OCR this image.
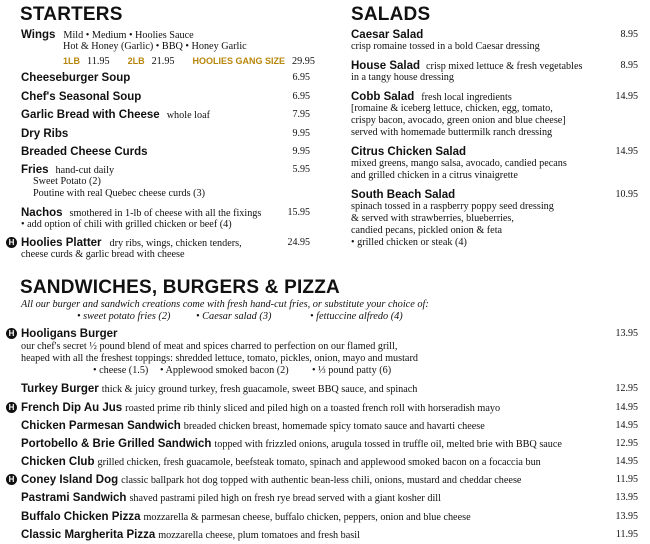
STARTERS
Wings Mild • Medium • Hoolies Sauce
Hot & Honey (Garlic) • BBQ • Honey Garlic
1LB 11.95 2LB 21.95 HOOLIES GANG SIZE 29.95
Cheeseburger Soup	6.95
Chef's Seasonal Soup	6.95
Garlic Bread with Cheese whole loaf	7.95
Dry Ribs	9.95
Breaded Cheese Curds	9.95
Fries hand-cut daily	5.95
Sweet Potato (2)
Poutine with real Quebec cheese curds (3)
Nachos smothered in 1-lb of cheese with all the fixings	15.95
• add option of chili with grilled chicken or beef (4)
H Hoolies Platter dry ribs, wings, chicken tenders,	24.95
cheese curds & garlic bread with cheese
SALADS
Caesar Salad	8.95
crisp romaine tossed in a bold Caesar dressing
House Salad crisp mixed lettuce & fresh vegetables	8.95
in a tangy house dressing
Cobb Salad fresh local ingredients	14.95
[romaine & iceberg lettuce, chicken, egg, tomato,
crispy bacon, avocado, green onion and blue cheese]
served with homemade buttermilk ranch dressing
Citrus Chicken Salad	14.95
mixed greens, mango salsa, avocado, candied pecans
and grilled chicken in a citrus vinaigrette
South Beach Salad	10.95
spinach tossed in a raspberry poppy seed dressing
& served with strawberries, blueberries,
candied pecans, pickled onion & feta
• grilled chicken or steak (4)
SANDWICHES, BURGERS & PIZZA
All our burger and sandwich creations come with fresh hand-cut fries, or substitute your choice of:
• sweet potato fries (2) • Caesar salad (3)	• fettuccine alfredo (4)
H Hooligans Burger	13.95
our chef's secret ½ pound blend of meat and spices charred to perfection on our flamed grill,
heaped with all the freshest toppings: shredded lettuce, tomato, pickles, onion, mayo and mustard
• cheese (1.5) • Applewood smoked bacon (2) • ⅓ pound patty (6)
Turkey Burger thick & juicy ground turkey, fresh guacamole, sweet BBQ sauce, and spinach	12.95
H French Dip Au Jus roasted prime rib thinly sliced and piled high on a toasted french roll with horseradish mayo	14.95
Chicken Parmesan Sandwich breaded chicken breast, homemade spicy tomato sauce and havarti cheese	14.95
Portobello & Brie Grilled Sandwich topped with frizzled onions, arugula tossed in truffle oil, melted brie with BBQ sauce	12.95
Chicken Club grilled chicken, fresh guacamole, beefsteak tomato, spinach and applewood smoked bacon on a focaccia bun	14.95
H Coney Island Dog classic ballpark hot dog topped with authentic bean-less chili, onions, mustard and cheddar cheese	11.95
Pastrami Sandwich shaved pastrami piled high on fresh rye bread served with a giant kosher dill	13.95
Buffalo Chicken Pizza mozzarella & parmesan cheese, buffalo chicken, peppers, onion and blue cheese	13.95
Classic Margherita Pizza mozzarella cheese, plum tomatoes and fresh basil	11.95
